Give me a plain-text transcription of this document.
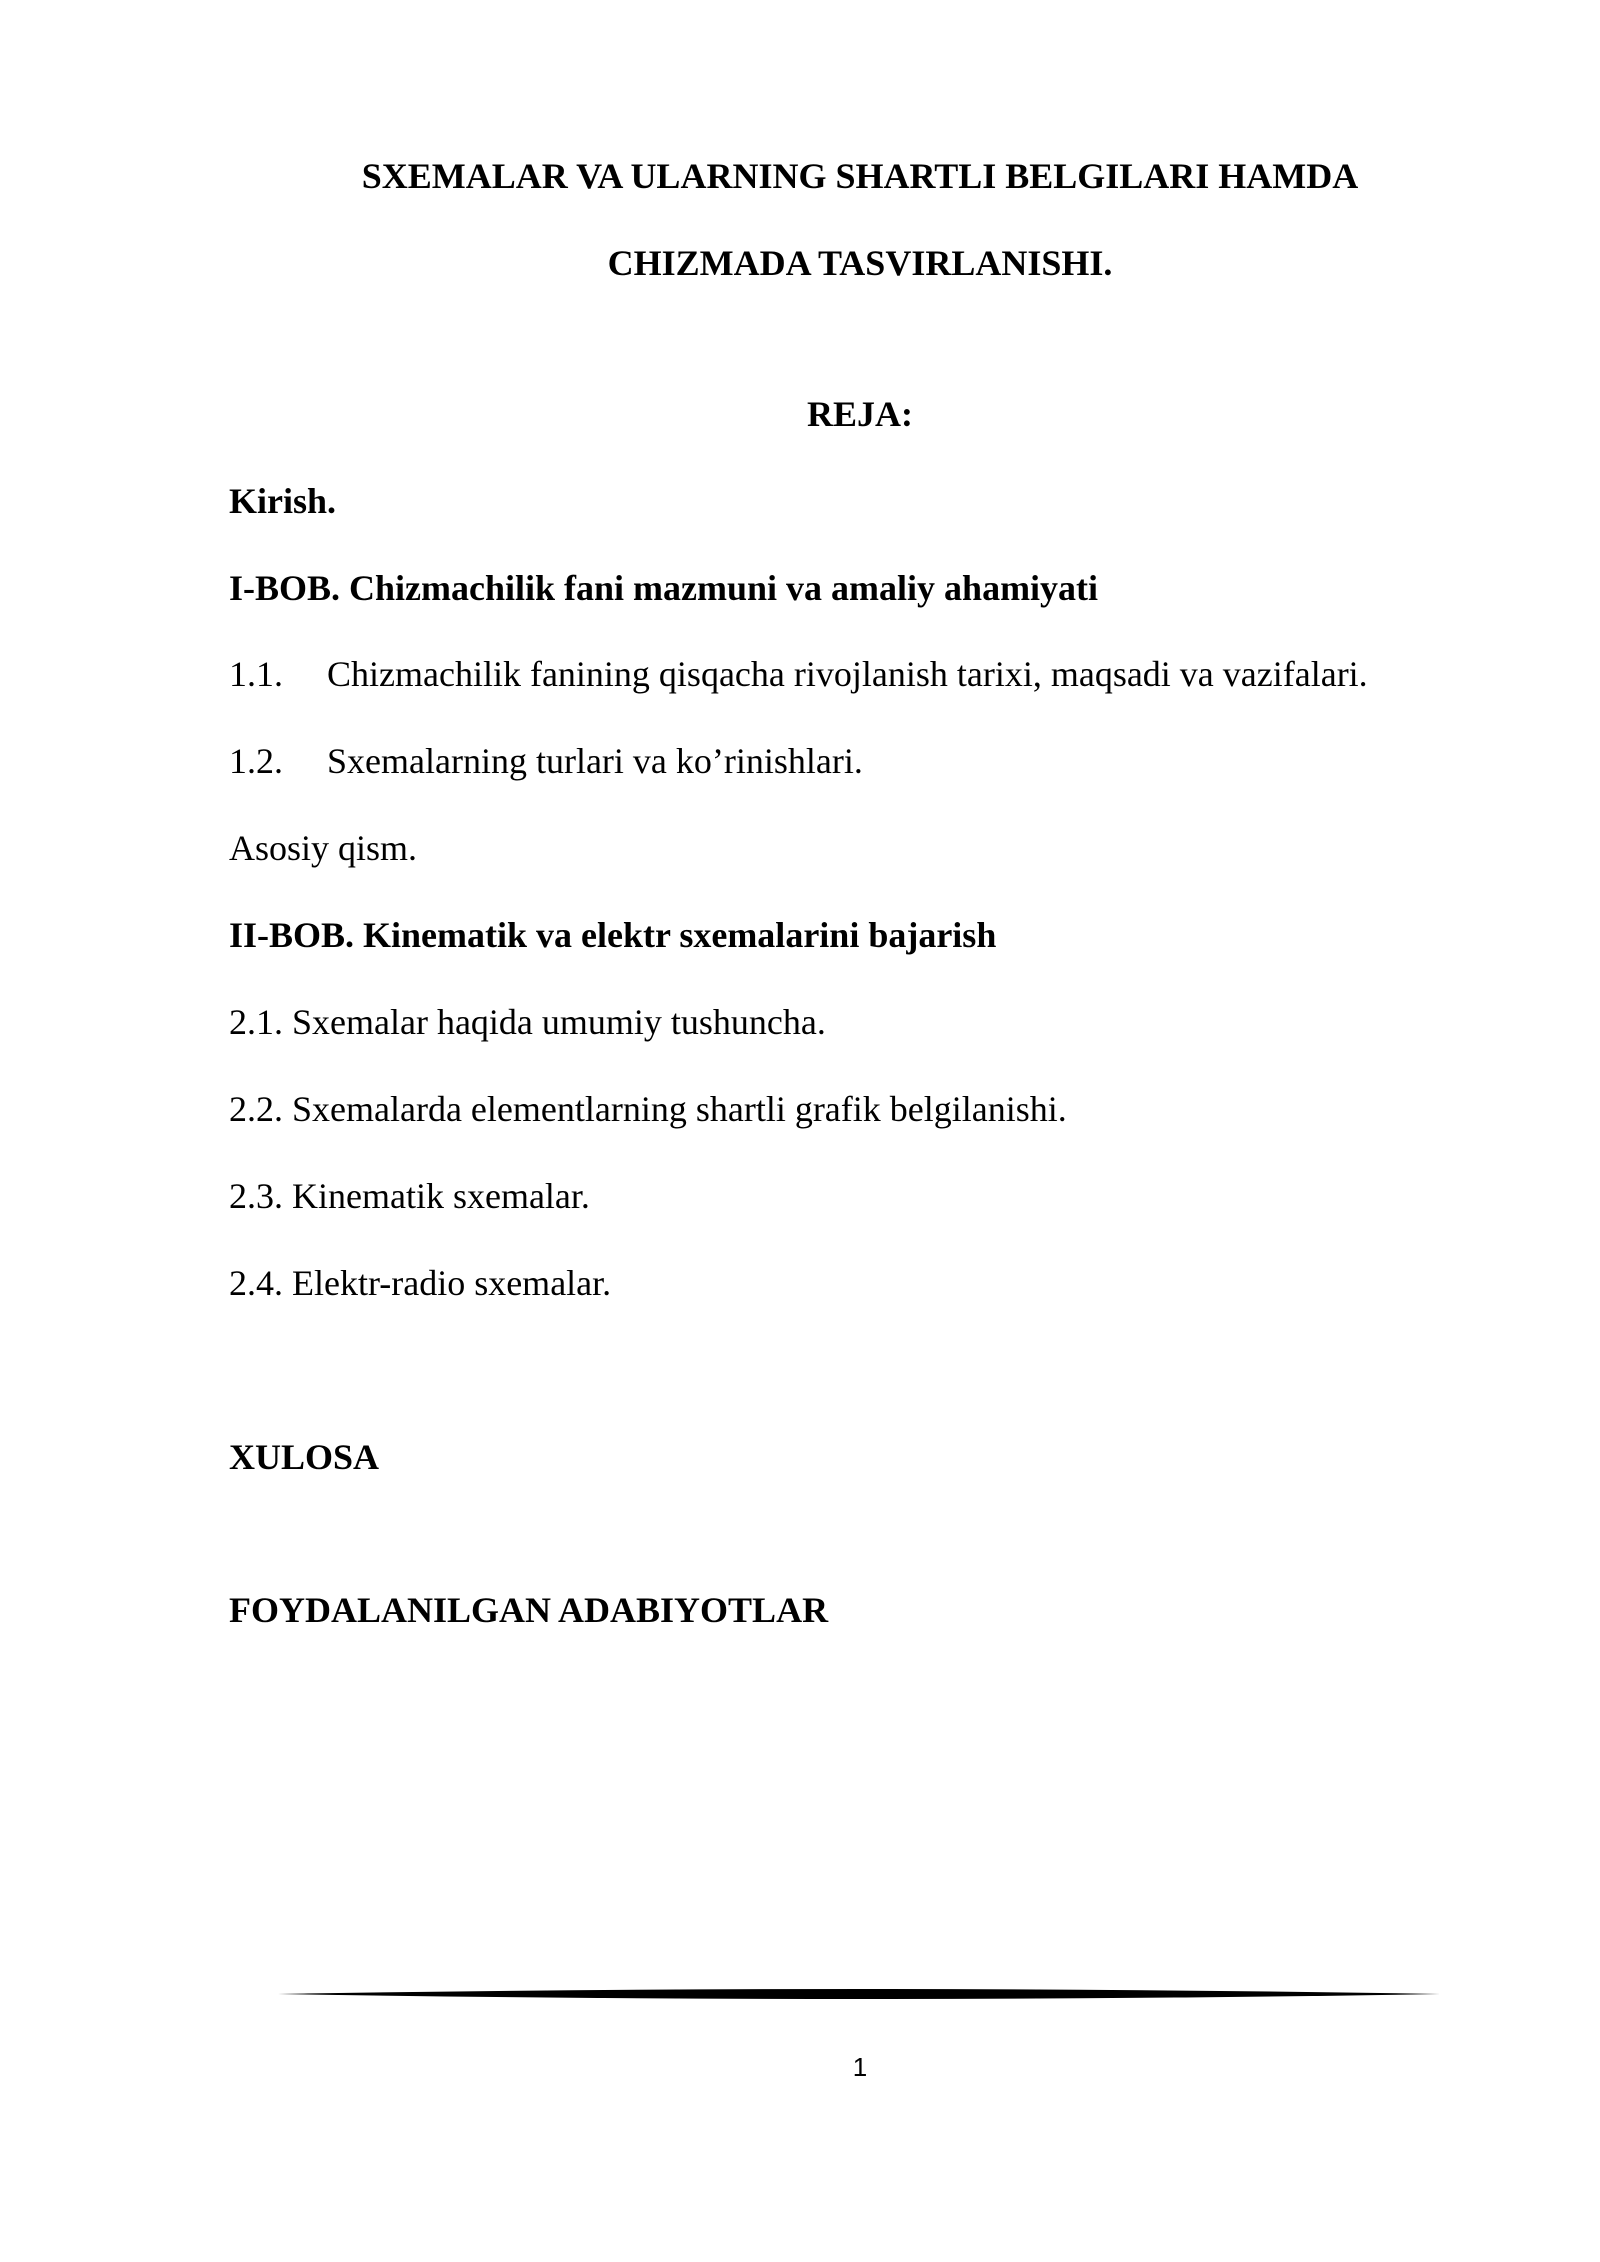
SXEMALAR VA ULARNING SHARTLI BELGILARI HAMDA
CHIZMADA TASVIRLANISHI.
REJA:
Kirish.
I-BOB. Chizmachilik fani mazmuni va amaliy ahamiyati
1.1. Chizmachilik fanining qisqacha rivojlanish tarixi, maqsadi va vazifalari.
1.2. Sxemalarning turlari va ko’rinishlari.
Asosiy qism.
II-BOB. Kinematik va elektr sxemalarini bajarish
2.1. Sxemalar haqida umumiy tushuncha.
2.2. Sxemalarda elementlarning shartli grafik belgilanishi.
2.3. Kinematik sxemalar.
2.4. Elektr-radio sxemalar.
XULOSA
FOYDALANILGAN ADABIYOTLAR
1
